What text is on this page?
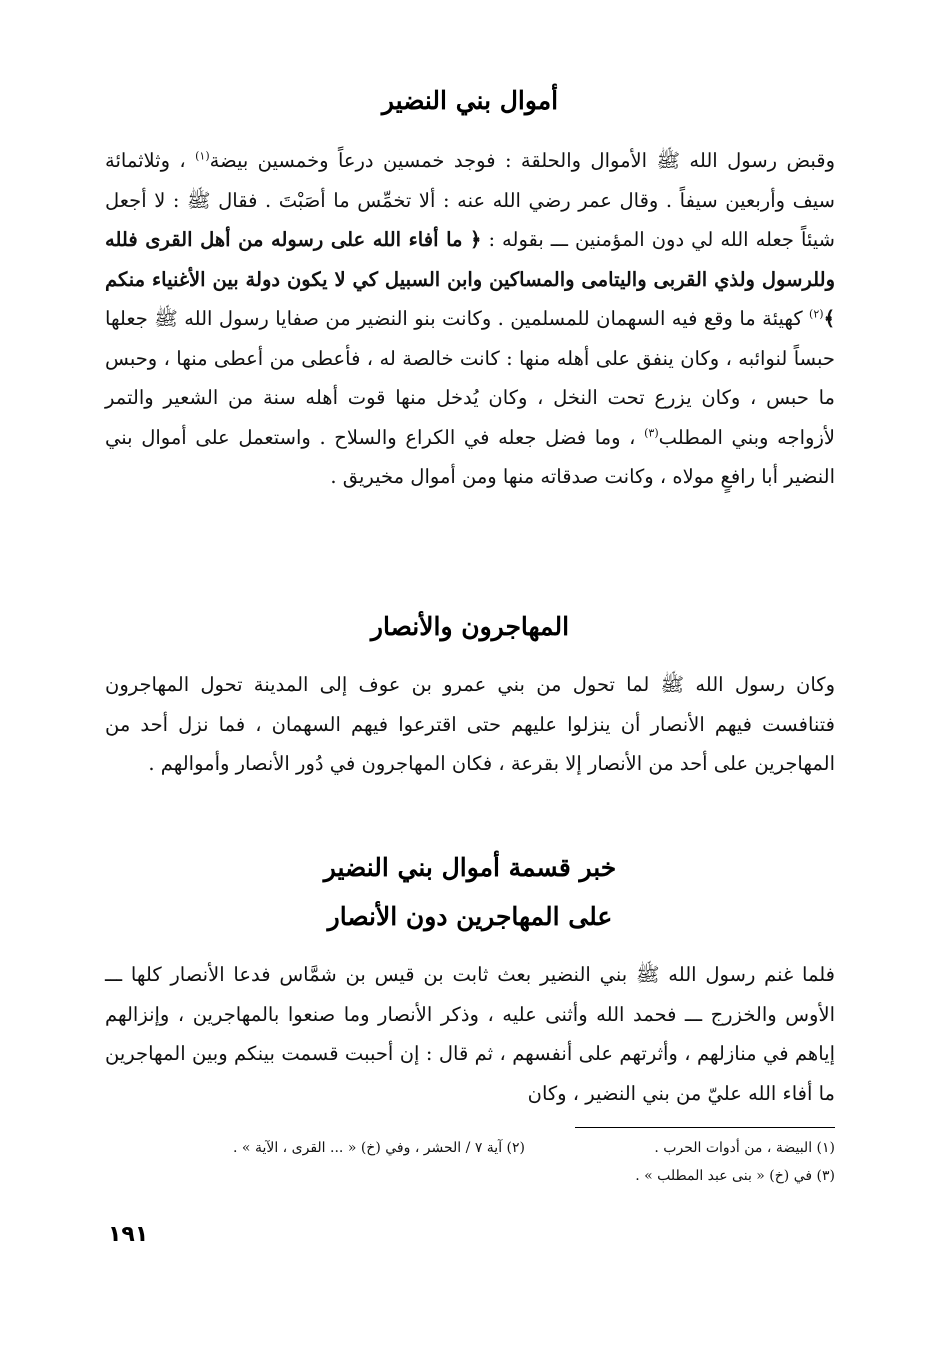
أموال بني النضير
وقبض رسول الله ﷺ الأموال والحلقة : فوجد خمسين درعاً وخمسين بيضة$^{(١)}$ ، وثلاثمائة سيف وأربعين سيفاً . وقال عمر رضي الله عنه : ألا تخمِّس ما أصَبْتَ . فقال ﷺ : لا أجعل شيئاً جعله الله لي دون المؤمنين ـــ بقوله : ﴿ ما أفاء الله على رسوله من أهل القرى فلله وللرسول ولذي القربى واليتامى والمساكين وابن السبيل كي لا يكون دولة بين الأغنياء منكم ﴾$^{(٢)}$ كهيئة ما وقع فيه السهمان للمسلمين . وكانت بنو النضير من صفايا رسول الله ﷺ جعلها حبساً لنوائبه ، وكان ينفق على أهله منها : كانت خالصة له ، فأعطى من أعطى منها ، وحبس ما حبس ، وكان يزرع تحت النخل ، وكان يُدخل منها قوت أهله سنة من الشعير والتمر لأزواجه وبني المطلب$^{(٣)}$ ، وما فضل جعله في الكراع والسلاح . واستعمل على أموال بني النضير أبا رافعٍ مولاه ، وكانت صدقاته منها ومن أموال مخيريق .
المهاجرون والأنصار
وكان رسول الله ﷺ لما تحول من بني عمرو بن عوف إلى المدينة تحول المهاجرون فتنافست فيهم الأنصار أن ينزلوا عليهم حتى اقترعوا فيهم السهمان ، فما نزل أحد من المهاجرين على أحد من الأنصار إلا بقرعة ، فكان المهاجرون في دُور الأنصار وأموالهم .
خبر قسمة أموال بني النضير
على المهاجرين دون الأنصار
فلما غنم رسول الله ﷺ بني النضير بعث ثابت بن قيس بن شمَّاس فدعا الأنصار كلها ـــ الأوس والخزرج ـــ فحمد الله وأثنى عليه ، وذكر الأنصار وما صنعوا بالمهاجرين ، وإنزالهم إياهم في منازلهم ، وأثرتهم على أنفسهم ، ثم قال : إن أحببت قسمت بينكم وبين المهاجرين ما أفاء الله عليّ من بني النضير ، وكان
(١) البيضة ، من أدوات الحرب .
(٢) آية ٧ / الحشر ، وفي (خ) « ... القرى ، الآية » .
(٣) في (خ) « بنى عبد المطلب » .
١٩١
